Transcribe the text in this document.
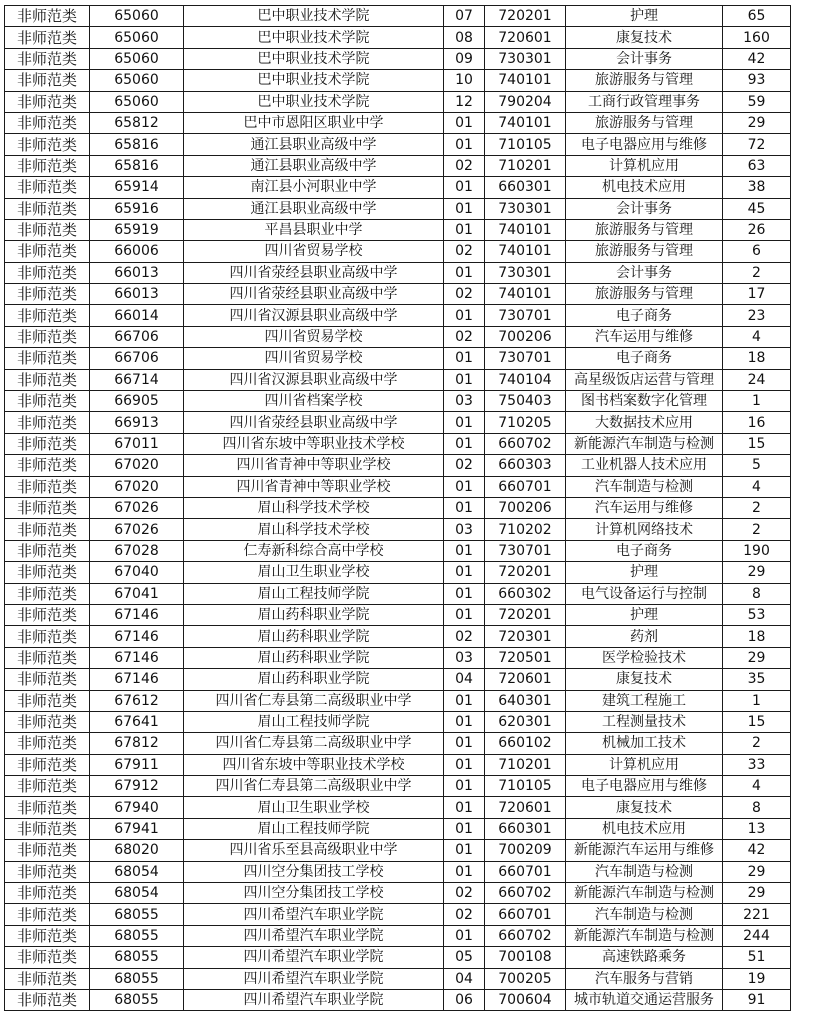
非师范类	65060	巴中职业技术学院	07	720201	护理	65
非师范类	65060	巴中职业技术学院	08	720601	康复技术	160
非师范类	65060	巴中职业技术学院	09	730301	会计事务	42
非师范类	65060	巴中职业技术学院	10	740101	旅游服务与管理	93
非师范类	65060	巴中职业技术学院	12	790204	工商行政管理事务	59
非师范类	65812	巴中市恩阳区职业中学	01	740101	旅游服务与管理	29
非师范类	65816	通江县职业高级中学	01	710105	电子电器应用与维修	72
非师范类	65816	通江县职业高级中学	02	710201	计算机应用	63
非师范类	65914	南江县小河职业中学	01	660301	机电技术应用	38
非师范类	65916	通江县职业高级中学	01	730301	会计事务	45
非师范类	65919	平昌县职业中学	01	740101	旅游服务与管理	26
非师范类	66006	四川省贸易学校	02	740101	旅游服务与管理	6
非师范类	66013	四川省荥经县职业高级中学	01	730301	会计事务	2
非师范类	66013	四川省荥经县职业高级中学	02	740101	旅游服务与管理	17
非师范类	66014	四川省汉源县职业高级中学	01	730701	电子商务	23
非师范类	66706	四川省贸易学校	02	700206	汽车运用与维修	4
非师范类	66706	四川省贸易学校	01	730701	电子商务	18
非师范类	66714	四川省汉源县职业高级中学	01	740104	高星级饭店运营与管理	24
非师范类	66905	四川省档案学校	03	750403	图书档案数字化管理	1
非师范类	66913	四川省荥经县职业高级中学	01	710205	大数据技术应用	16
非师范类	67011	四川省东坡中等职业技术学校	01	660702	新能源汽车制造与检测	15
非师范类	67020	四川省青神中等职业学校	02	660303	工业机器人技术应用	5
非师范类	67020	四川省青神中等职业学校	01	660701	汽车制造与检测	4
非师范类	67026	眉山科学技术学校	01	700206	汽车运用与维修	2
非师范类	67026	眉山科学技术学校	03	710202	计算机网络技术	2
非师范类	67028	仁寿新科综合高中学校	01	730701	电子商务	190
非师范类	67040	眉山卫生职业学校	01	720201	护理	29
非师范类	67041	眉山工程技师学院	01	660302	电气设备运行与控制	8
非师范类	67146	眉山药科职业学院	01	720201	护理	53
非师范类	67146	眉山药科职业学院	02	720301	药剂	18
非师范类	67146	眉山药科职业学院	03	720501	医学检验技术	29
非师范类	67146	眉山药科职业学院	04	720601	康复技术	35
非师范类	67612	四川省仁寿县第二高级职业中学	01	640301	建筑工程施工	1
非师范类	67641	眉山工程技师学院	01	620301	工程测量技术	15
非师范类	67812	四川省仁寿县第二高级职业中学	01	660102	机械加工技术	2
非师范类	67911	四川省东坡中等职业技术学校	01	710201	计算机应用	33
非师范类	67912	四川省仁寿县第二高级职业中学	01	710105	电子电器应用与维修	4
非师范类	67940	眉山卫生职业学校	01	720601	康复技术	8
非师范类	67941	眉山工程技师学院	01	660301	机电技术应用	13
非师范类	68020	四川省乐至县高级职业中学	01	700209	新能源汽车运用与维修	42
非师范类	68054	四川空分集团技工学校	01	660701	汽车制造与检测	29
非师范类	68054	四川空分集团技工学校	02	660702	新能源汽车制造与检测	29
非师范类	68055	四川希望汽车职业学院	02	660701	汽车制造与检测	221
非师范类	68055	四川希望汽车职业学院	01	660702	新能源汽车制造与检测	244
非师范类	68055	四川希望汽车职业学院	05	700108	高速铁路乘务	51
非师范类	68055	四川希望汽车职业学院	04	700205	汽车服务与营销	19
非师范类	68055	四川希望汽车职业学院	06	700604	城市轨道交通运营服务	91
